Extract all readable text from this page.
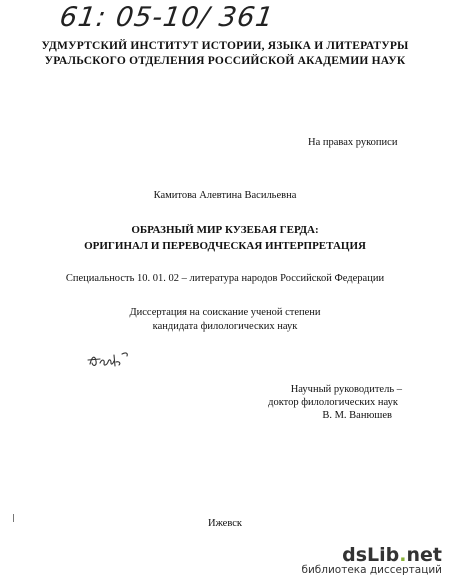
61: 05-10/ 361
УДМУРТСКИЙ ИНСТИТУТ ИСТОРИИ, ЯЗЫКА И ЛИТЕРАТУРЫ
УРАЛЬСКОГО ОТДЕЛЕНИЯ РОССИЙСКОЙ АКАДЕМИИ НАУК
На правах рукописи
Камитова Алевтина Васильевна
ОБРАЗНЫЙ МИР КУЗЕБАЯ ГЕРДА:
ОРИГИНАЛ И ПЕРЕВОДЧЕСКАЯ ИНТЕРПРЕТАЦИЯ
Специальность 10. 01. 02 – литература народов Российской Федерации
Диссертация на соискание ученой степени
кандидата филологических наук
Научный руководитель –
доктор филологических наук
В. М. Ванюшев
Ижевск
dsLib.net
библиотека диссертаций
